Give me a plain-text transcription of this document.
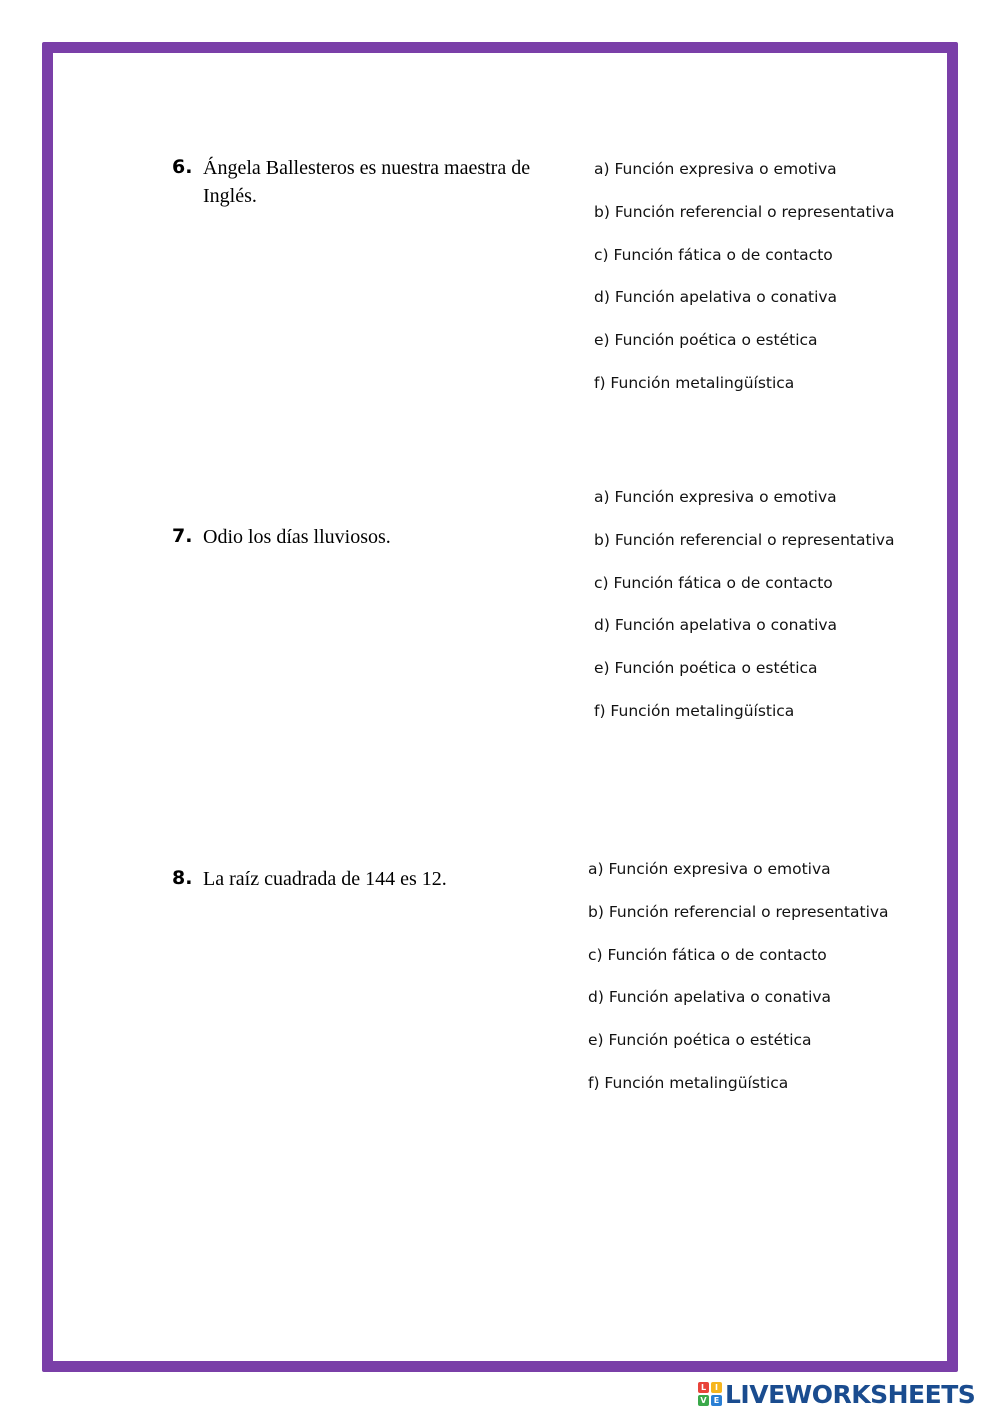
6. Ángela Ballesteros es nuestra maestra de Inglés.
a) Función expresiva o emotiva
b) Función referencial o representativa
c) Función fática o de contacto
d) Función apelativa o conativa
e) Función poética o estética
f) Función metalingüística
7. Odio los días lluviosos.
a) Función expresiva o emotiva
b) Función referencial o representativa
c) Función fática o de contacto
d) Función apelativa o conativa
e) Función poética o estética
f) Función metalingüística
8. La raíz cuadrada de 144 es 12.	a) Función expresiva o emotiva
b) Función referencial o representativa
c) Función fática o de contacto
d) Función apelativa o conativa
e) Función poética o estética
f) Función metalingüística
L	I
V E LIVEWORKSHEETS
